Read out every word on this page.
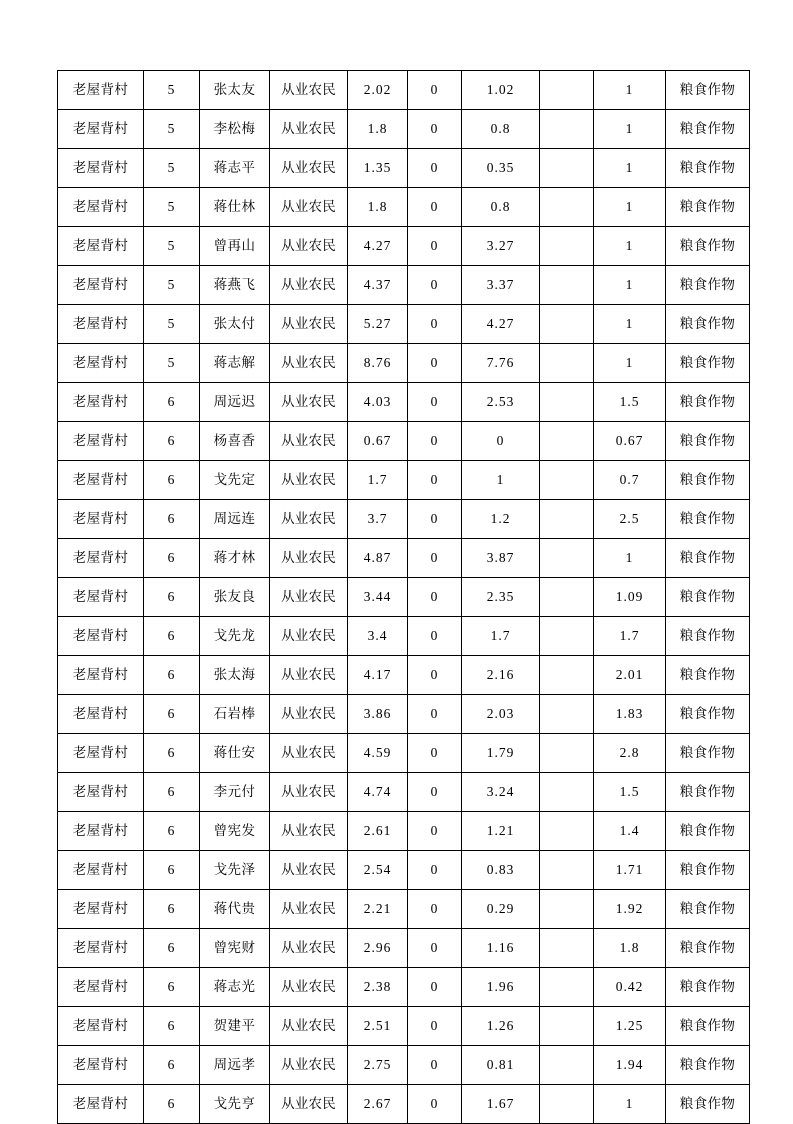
老屋背村	5	张太友	从业农民	2.02	0	1.02		1	粮食作物
老屋背村	5	李松梅	从业农民	1.8	0	0.8		1	粮食作物
老屋背村	5	蒋志平	从业农民	1.35	0	0.35		1	粮食作物
老屋背村	5	蒋仕林	从业农民	1.8	0	0.8		1	粮食作物
老屋背村	5	曾再山	从业农民	4.27	0	3.27		1	粮食作物
老屋背村	5	蒋燕飞	从业农民	4.37	0	3.37		1	粮食作物
老屋背村	5	张太付	从业农民	5.27	0	4.27		1	粮食作物
老屋背村	5	蒋志解	从业农民	8.76	0	7.76		1	粮食作物
老屋背村	6	周远迟	从业农民	4.03	0	2.53		1.5	粮食作物
老屋背村	6	杨喜香	从业农民	0.67	0	0		0.67	粮食作物
老屋背村	6	戈先定	从业农民	1.7	0	1		0.7	粮食作物
老屋背村	6	周远连	从业农民	3.7	0	1.2		2.5	粮食作物
老屋背村	6	蒋才林	从业农民	4.87	0	3.87		1	粮食作物
老屋背村	6	张友良	从业农民	3.44	0	2.35		1.09	粮食作物
老屋背村	6	戈先龙	从业农民	3.4	0	1.7		1.7	粮食作物
老屋背村	6	张太海	从业农民	4.17	0	2.16		2.01	粮食作物
老屋背村	6	石岩棒	从业农民	3.86	0	2.03		1.83	粮食作物
老屋背村	6	蒋仕安	从业农民	4.59	0	1.79		2.8	粮食作物
老屋背村	6	李元付	从业农民	4.74	0	3.24		1.5	粮食作物
老屋背村	6	曾宪发	从业农民	2.61	0	1.21		1.4	粮食作物
老屋背村	6	戈先泽	从业农民	2.54	0	0.83		1.71	粮食作物
老屋背村	6	蒋代贵	从业农民	2.21	0	0.29		1.92	粮食作物
老屋背村	6	曾宪财	从业农民	2.96	0	1.16		1.8	粮食作物
老屋背村	6	蒋志光	从业农民	2.38	0	1.96		0.42	粮食作物
老屋背村	6	贺建平	从业农民	2.51	0	1.26		1.25	粮食作物
老屋背村	6	周远孝	从业农民	2.75	0	0.81		1.94	粮食作物
老屋背村	6	戈先亨	从业农民	2.67	0	1.67		1	粮食作物
